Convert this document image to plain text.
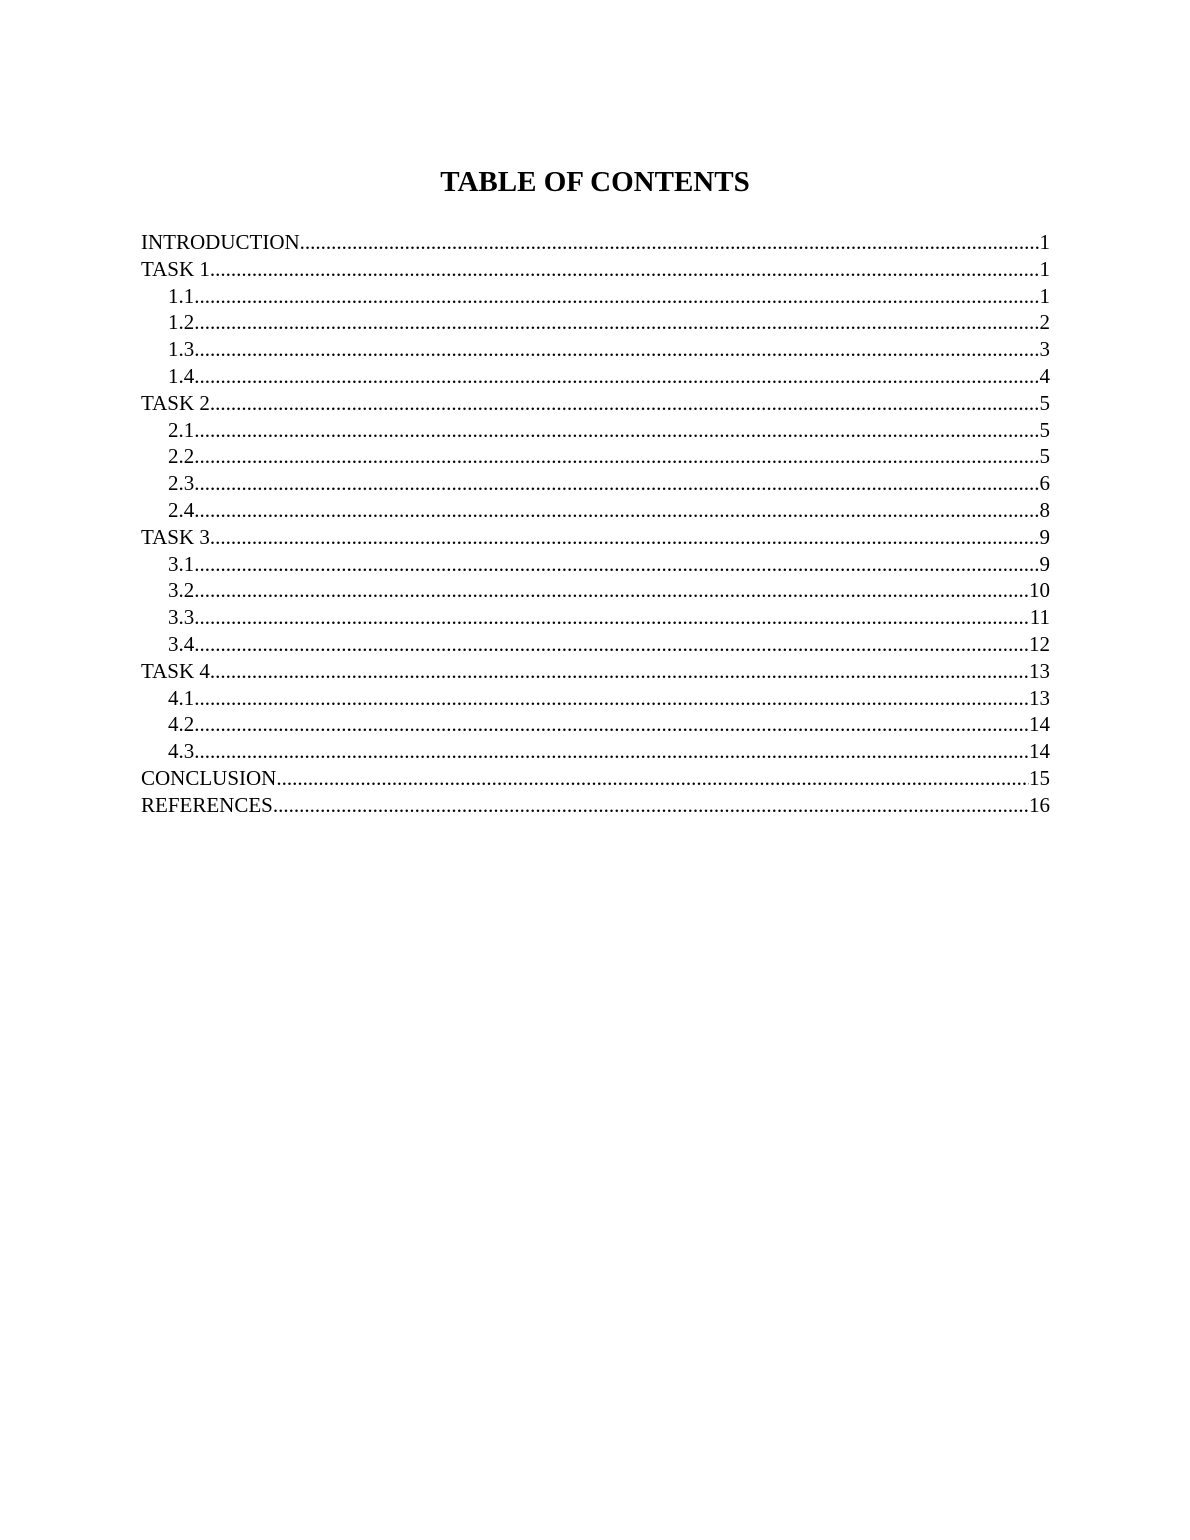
TABLE OF CONTENTS
INTRODUCTION .....	1
TASK 1 .....	1
1.1 .....	1
1.2 .....	2
1.3 .....	3
1.4 .....	4
TASK 2 .....	5
2.1 .....	5
2.2 .....	5
2.3 .....	6
2.4 .....	8
TASK 3 .....	9
3.1 .....	9
3.2 .....	10
3.3 .....	11
3.4 .....	12
TASK 4 .....	13
4.1 .....	13
4.2 .....	14
4.3 .....	14
CONCLUSION .....	15
REFERENCES .....	16
